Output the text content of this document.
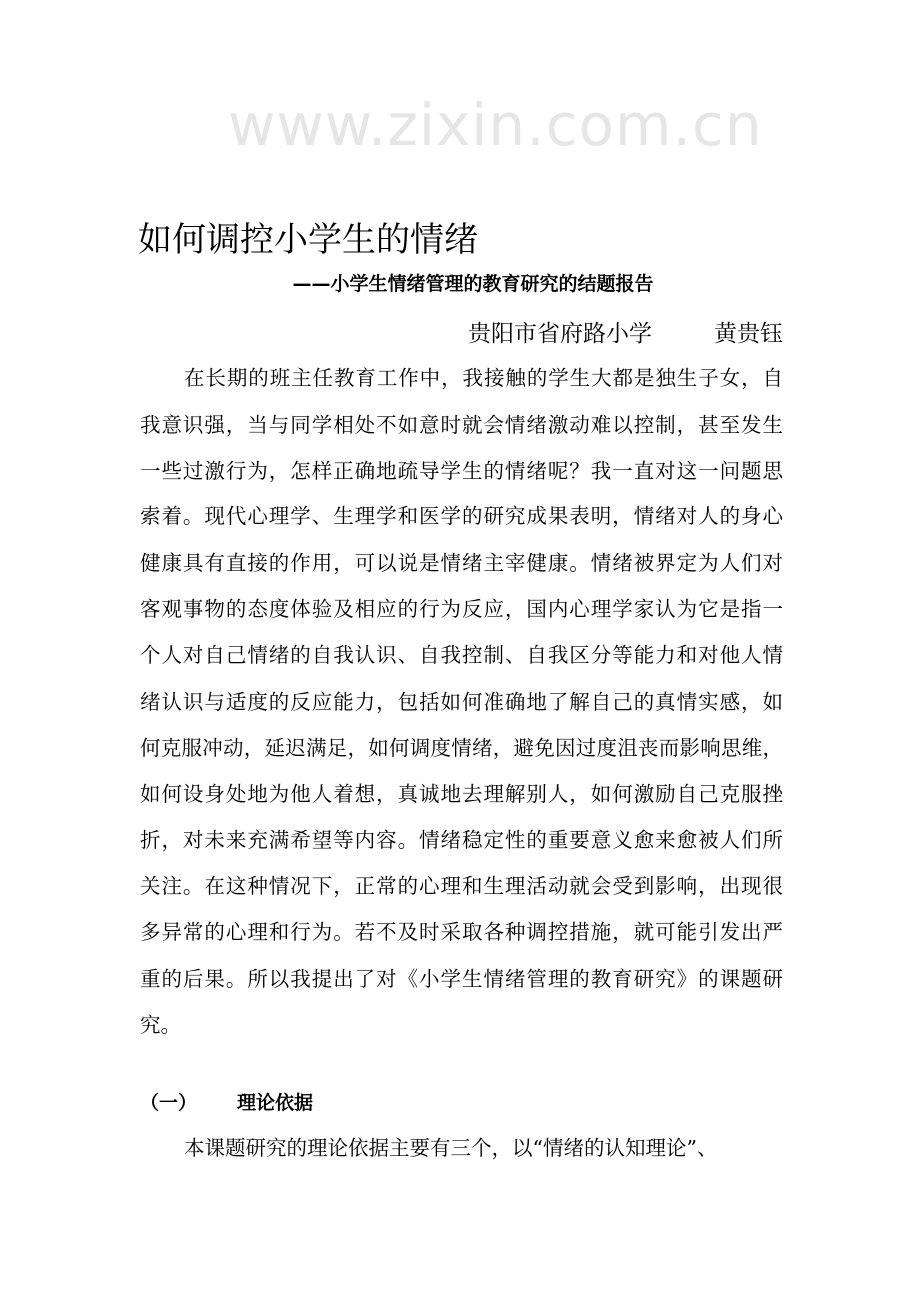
www.zixin.com.cn
如何调控小学生的情绪
——小学生情绪管理的教育研究的结题报告
贵阳市省府路小学	黄贵钰
在长期的班主任教育工作中，我接触的学生大都是独生子女，自
我意识强，当与同学相处不如意时就会情绪激动难以控制，甚至发生
一些过激行为，怎样正确地疏导学生的情绪呢？我一直对这一问题思
索着。现代心理学、生理学和医学的研究成果表明，情绪对人的身心
健康具有直接的作用，可以说是情绪主宰健康。情绪被界定为人们对
客观事物的态度体验及相应的行为反应，国内心理学家认为它是指一
个人对自己情绪的自我认识、自我控制、自我区分等能力和对他人情
绪认识与适度的反应能力，包括如何准确地了解自己的真情实感，如
何克服冲动，延迟满足，如何调度情绪，避免因过度沮丧而影响思维，
如何设身处地为他人着想，真诚地去理解别人，如何激励自己克服挫
折，对未来充满希望等内容。情绪稳定性的重要意义愈来愈被人们所
关注。在这种情况下，正常的心理和生理活动就会受到影响，出现很
多异常的心理和行为。若不及时采取各种调控措施，就可能引发出严
重的后果。所以我提出了对《小学生情绪管理的教育研究》的课题研
究。
（一） 理论依据
本课题研究的理论依据主要有三个，以“情绪的认知理论”、
